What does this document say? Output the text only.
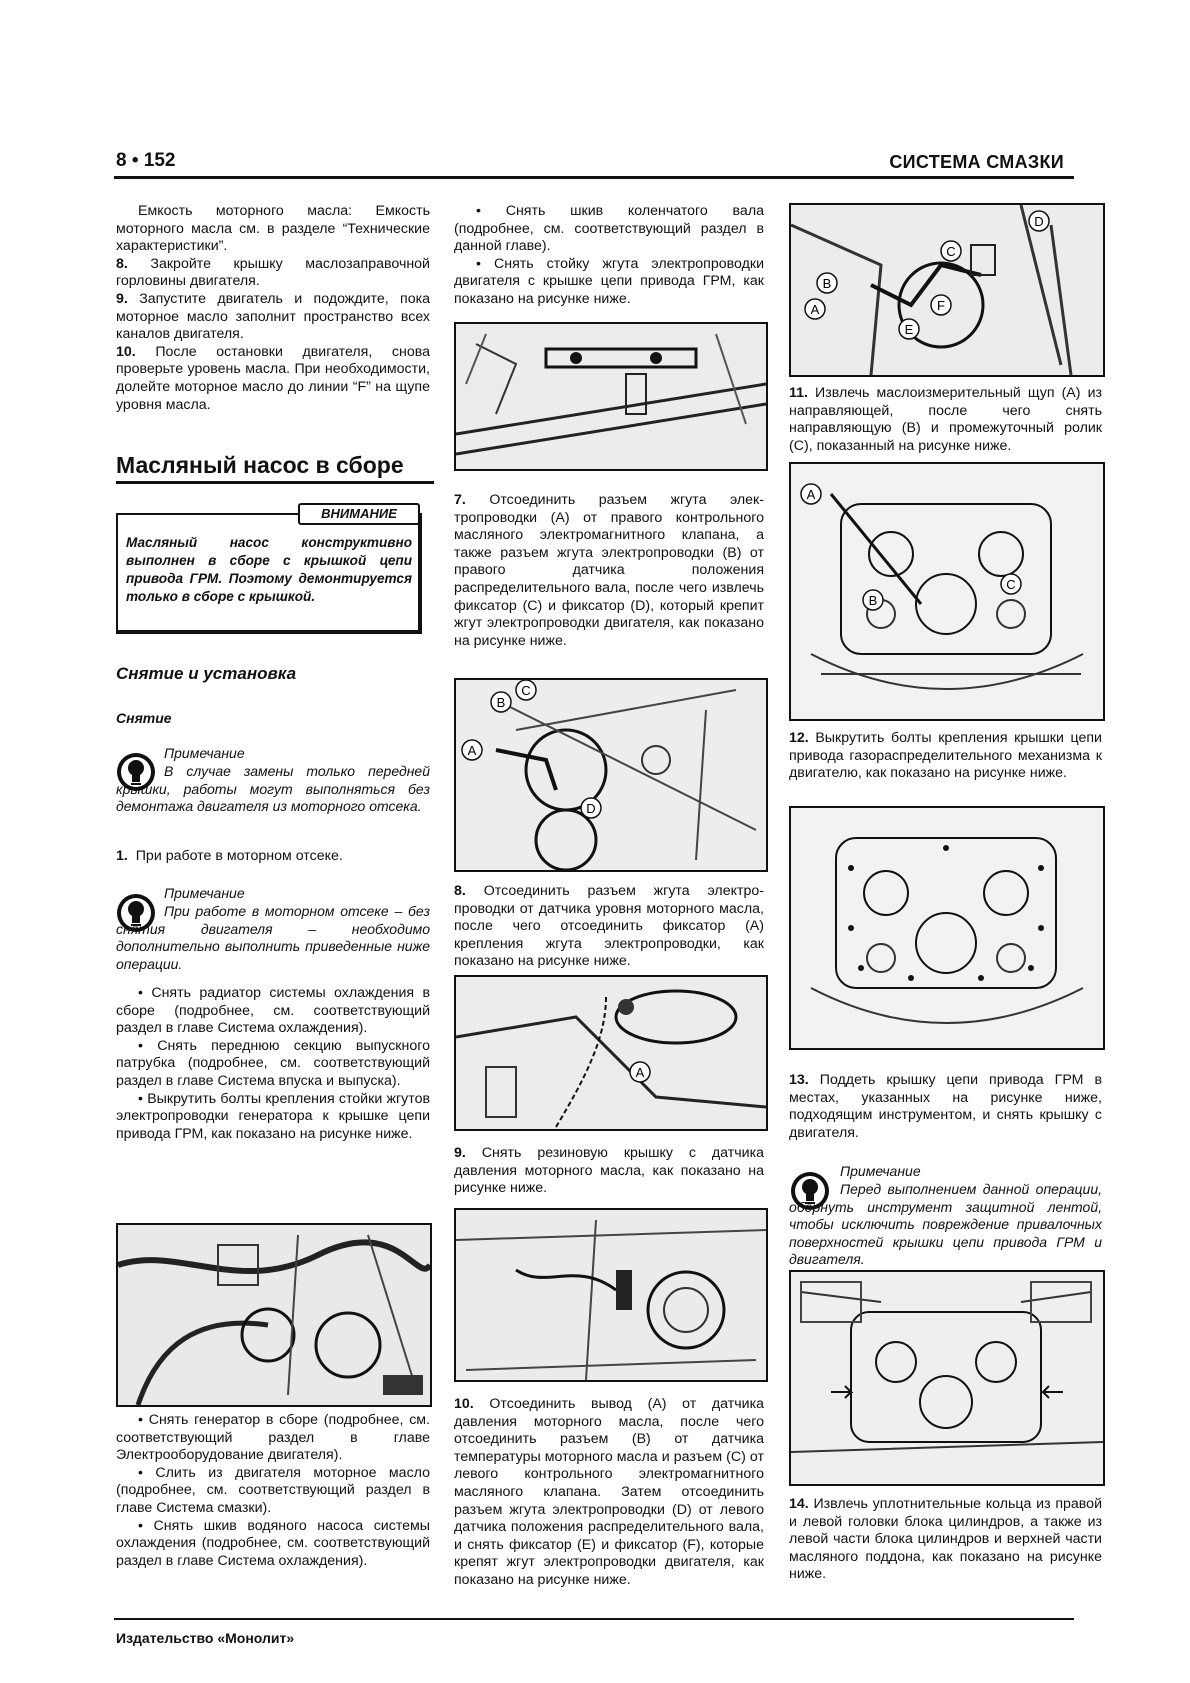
8 • 152	СИСТЕМА СМАЗКИ

Емкость моторного масла: Емкость моторного масла см. в разделе “Технические характеристики”.

8. Закройте крышку маслозаправочной горловины двигателя.

9. Запустите двигатель и подождите, пока моторное масло заполнит пространство всех каналов двигателя.

10. После остановки двигателя, снова проверьте уровень масла. При необходимости, долейте моторное масло до линии “F” на щупе уровня масла.

Масляный насос в сборе
ВНИМАНИЕ
Масляный насос конструктивно выполнен в сборе с крышкой цепи привода ГРМ. Поэтому демонтируется только в сборе с крышкой.
Снятие и установка
Снятие
Примечание
В случае замены только передней крышки, работы могут выполняться без демонтажа двигателя из моторного отсека.

1. При работе в моторном отсеке.

Примечание
При работе в моторном отсеке – без снятия двигателя – необходимо дополнительно выполнить приведенные ниже операции.

• Снять радиатор системы охлаждения в сборе (подробнее, см. соответствующий раздел в главе Система охлаждения).

• Снять переднюю секцию выпускного патрубка (подробнее, см. соответствующий раздел в главе Система впуска и выпуска).

• Выкрутить болты крепления стойки жгутов электропроводки генератора к крышке цепи привода ГРМ, как показано на рисунке ниже.

• Снять генератор в сборе (подробнее, см. соответствующий раздел в главе Электрооборудование двигателя).

• Слить из двигателя моторное масло (подробнее, см. соответствующий раздел в главе Система смазки).

• Снять шкив водяного насоса системы охлаждения (подробнее, см. соответствующий раздел в главе Система охлаждения).

• Снять шкив коленчатого вала (подробнее, см. соответствующий раздел в данной главе).

• Снять стойку жгута электропроводки двигателя с крышке цепи привода ГРМ, как показано на рисунке ниже.

7. Отсоединить разъем жгута электропроводки (А) от правого контрольного масляного электромагнитного клапана, а также разъем жгута электропроводки (В) от правого датчика положения распределительного вала, после чего извлечь фиксатор (С) и фиксатор (D), который крепит жгут электропроводки двигателя, как показано на рисунке ниже.

A
B
C
D

8. Отсоединить разъем жгута электропроводки от датчика уровня моторного масла, после чего отсоединить фиксатор (А) крепления жгута электропроводки, как показано на рисунке ниже.

A

9. Снять резиновую крышку с датчика давления моторного масла, как показано на рисунке ниже.

10. Отсоединить вывод (А) от датчика давления моторного масла, после чего отсоединить разъем (В) от датчика температуры моторного масла и разъем (С) от левого контрольного электромагнитного масляного клапана. Затем отсоединить разъем жгута электропроводки (D) от левого датчика положения распределительного вала, и снять фиксатор (E) и фиксатор (F), которые крепят жгут электропроводки двигателя, как показано на рисунке ниже.

A
B
C
D
E
F

11. Извлечь маслоизмерительный щуп (А) из направляющей, после чего снять направляющую (В) и промежуточный ролик (С), показанный на рисунке ниже.

A
B
C

12. Выкрутить болты крепления крышки цепи привода газораспределительного механизма к двигателю, как показано на рисунке ниже.

13. Поддеть крышку цепи привода ГРМ в местах, указанных на рисунке ниже, подходящим инструментом, и снять крышку с двигателя.

Примечание
Перед выполнением данной операции, обернуть инструмент защитной лентой, чтобы исключить повреждение привалочных поверхностей крышки цепи привода ГРМ и двигателя.

14. Извлечь уплотнительные кольца из правой и левой головки блока цилиндров, а также из левой части блока цилиндров и верхней части масляного поддона, как показано на рисунке ниже.

Издательство «Монолит»
